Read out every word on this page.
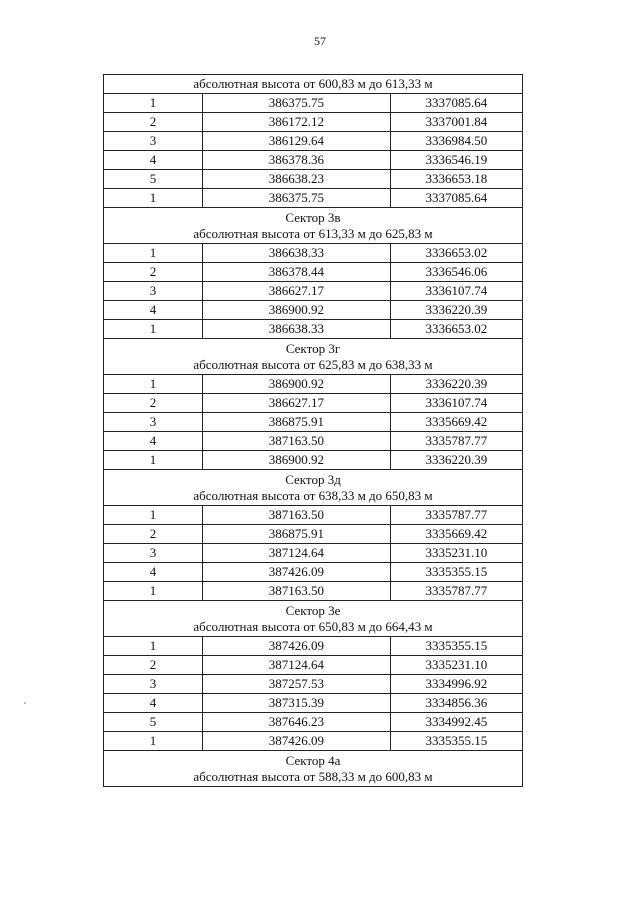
57
абсолютная высота от 600,83 м до 613,33 м		

1	386375.75	3337085.64
2	386172.12	3337001.84
3	386129.64	3336984.50
4	386378.36	3336546.19
5	386638.23	3336653.18
1	386375.75	3337085.64

Сектор 3в
абсолютная высота от 613,33 м до 625,83 м		

1	386638.33	3336653.02
2	386378.44	3336546.06
3	386627.17	3336107.74
4	386900.92	3336220.39
1	386638.33	3336653.02

Сектор 3г
абсолютная высота от 625,83 м до 638,33 м		

1	386900.92	3336220.39
2	386627.17	3336107.74
3	386875.91	3335669.42
4	387163.50	3335787.77
1	386900.92	3336220.39

Сектор 3д
абсолютная высота от 638,33 м до 650,83 м		

1	387163.50	3335787.77
2	386875.91	3335669.42
3	387124.64	3335231.10
4	387426.09	3335355.15
1	387163.50	3335787.77

Сектор 3е
абсолютная высота от 650,83 м до 664,43 м		

1	387426.09	3335355.15
2	387124.64	3335231.10
3	387257.53	3334996.92
4	387315.39	3334856.36
5	387646.23	3334992.45
1	387426.09	3335355.15

Сектор 4а
абсолютная высота от 588,33 м до 600,83 м		
